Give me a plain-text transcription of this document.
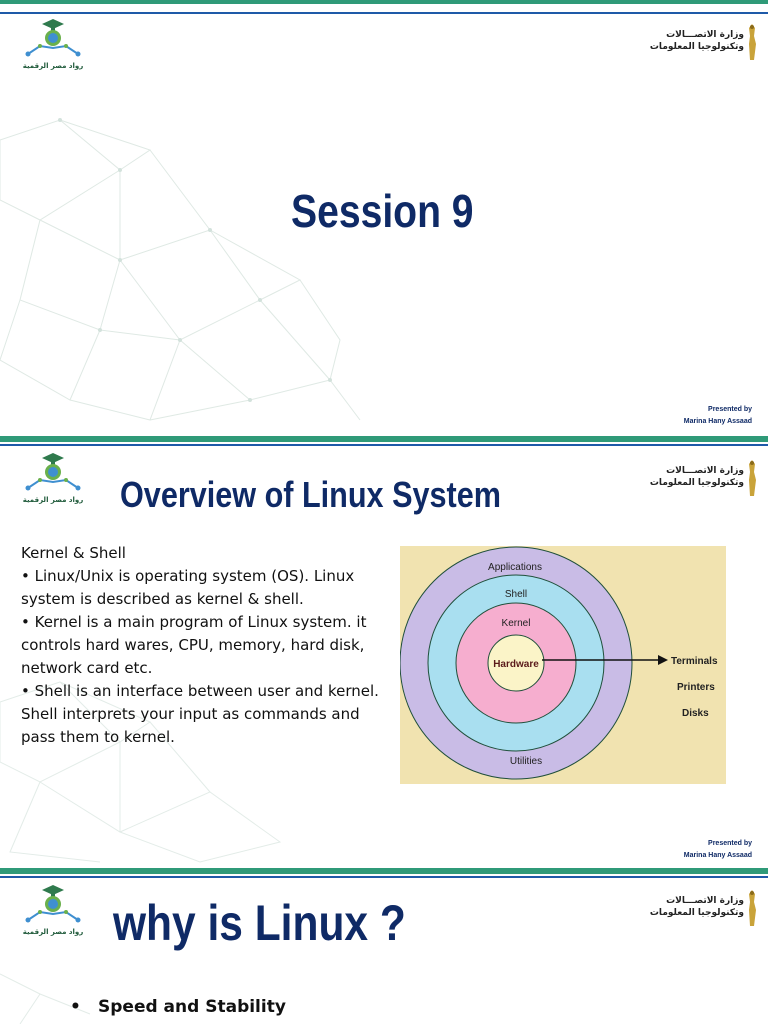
رواد مصر الرقمية
وزارة الاتصـــالات
وتكنولوجيا المعلومات
Session 9
Presented by
Marina Hany Assaad
رواد مصر الرقمية
وزارة الاتصـــالات
وتكنولوجيا المعلومات
Overview of Linux System
Kernel & Shell
• Linux/Unix is operating system (OS). Linux
system is described as kernel & shell.
• Kernel is a main program of Linux system. it
controls hard wares, CPU, memory, hard disk,
network card etc.
• Shell is an interface between user and kernel.
Shell interprets your input as commands and
pass them to kernel.
Applications
Shell
Kernel
Hardware
Utilities
Terminals
Printers
Disks
Presented by
Marina Hany Assaad
رواد مصر الرقمية
وزارة الاتصـــالات
وتكنولوجيا المعلومات
why is Linux ?
• Speed and Stability
